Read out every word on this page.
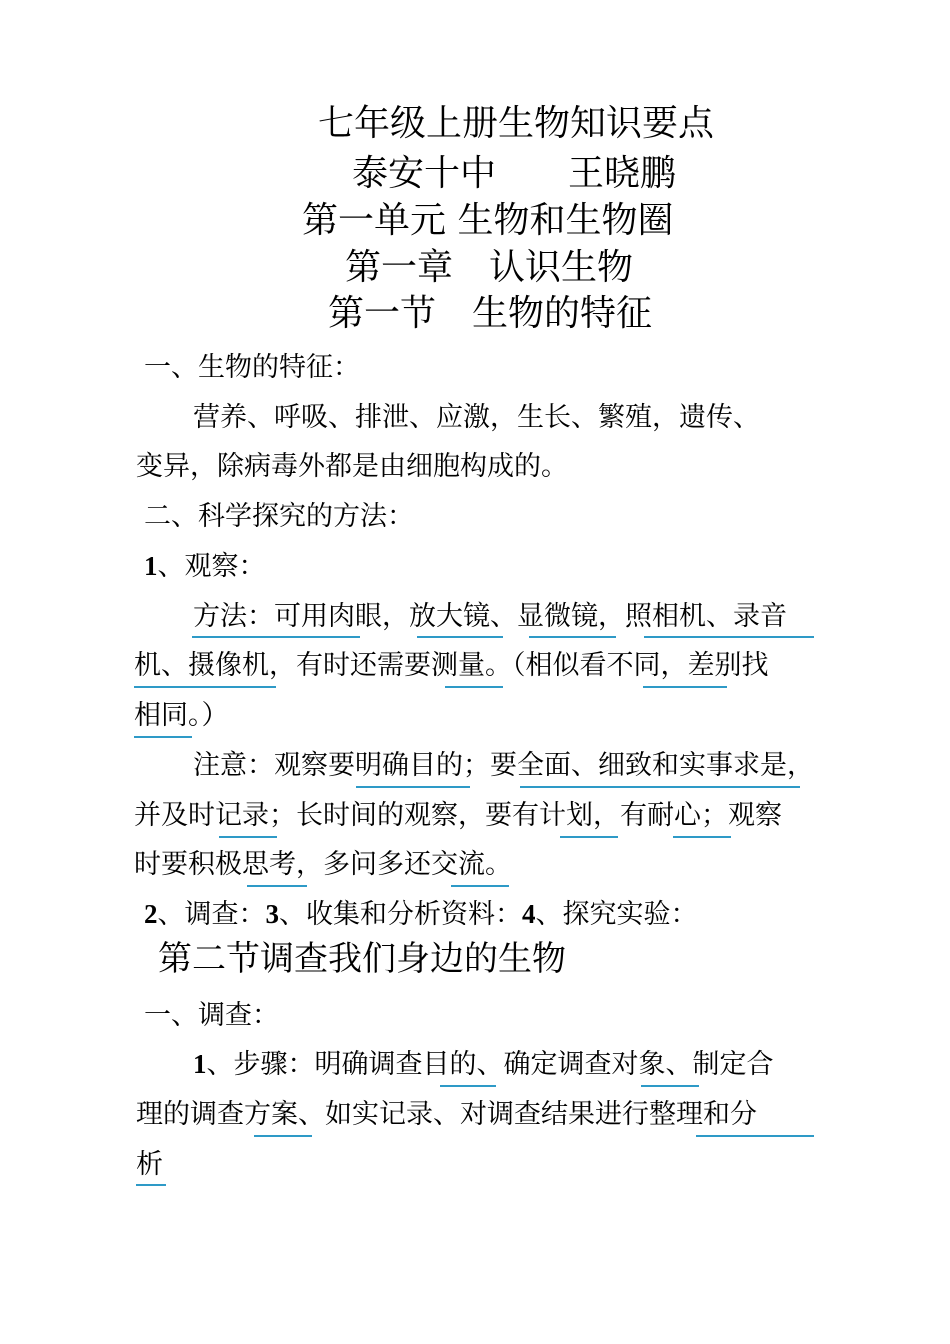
七年级上册生物知识要点
泰安十中　　王晓鹏
第一单元 生物和生物圈
第一章　认识生物
第一节　生物的特征
一、生物的特征：
营养、呼吸、排泄、应激，生长、繁殖，遗传、
变异，除病毒外都是由细胞构成的。
二、科学探究的方法：
1、观察：
方法：可用肉眼，放大镜、显微镜，照相机、录音
机、摄像机，有时还需要测量。（相似看不同，差别找
相同。）
注意：观察要明确目的；要全面、细致和实事求是，
并及时记录；长时间的观察，要有计划，有耐心；观察
时要积极思考，多问多还交流。
2、调查：3、收集和分析资料：4、探究实验：
第二节调查我们身边的生物
一、调查：
1、步骤：明确调查目的、确定调查对象、制定合
理的调查方案、如实记录、对调查结果进行整理和分
析
